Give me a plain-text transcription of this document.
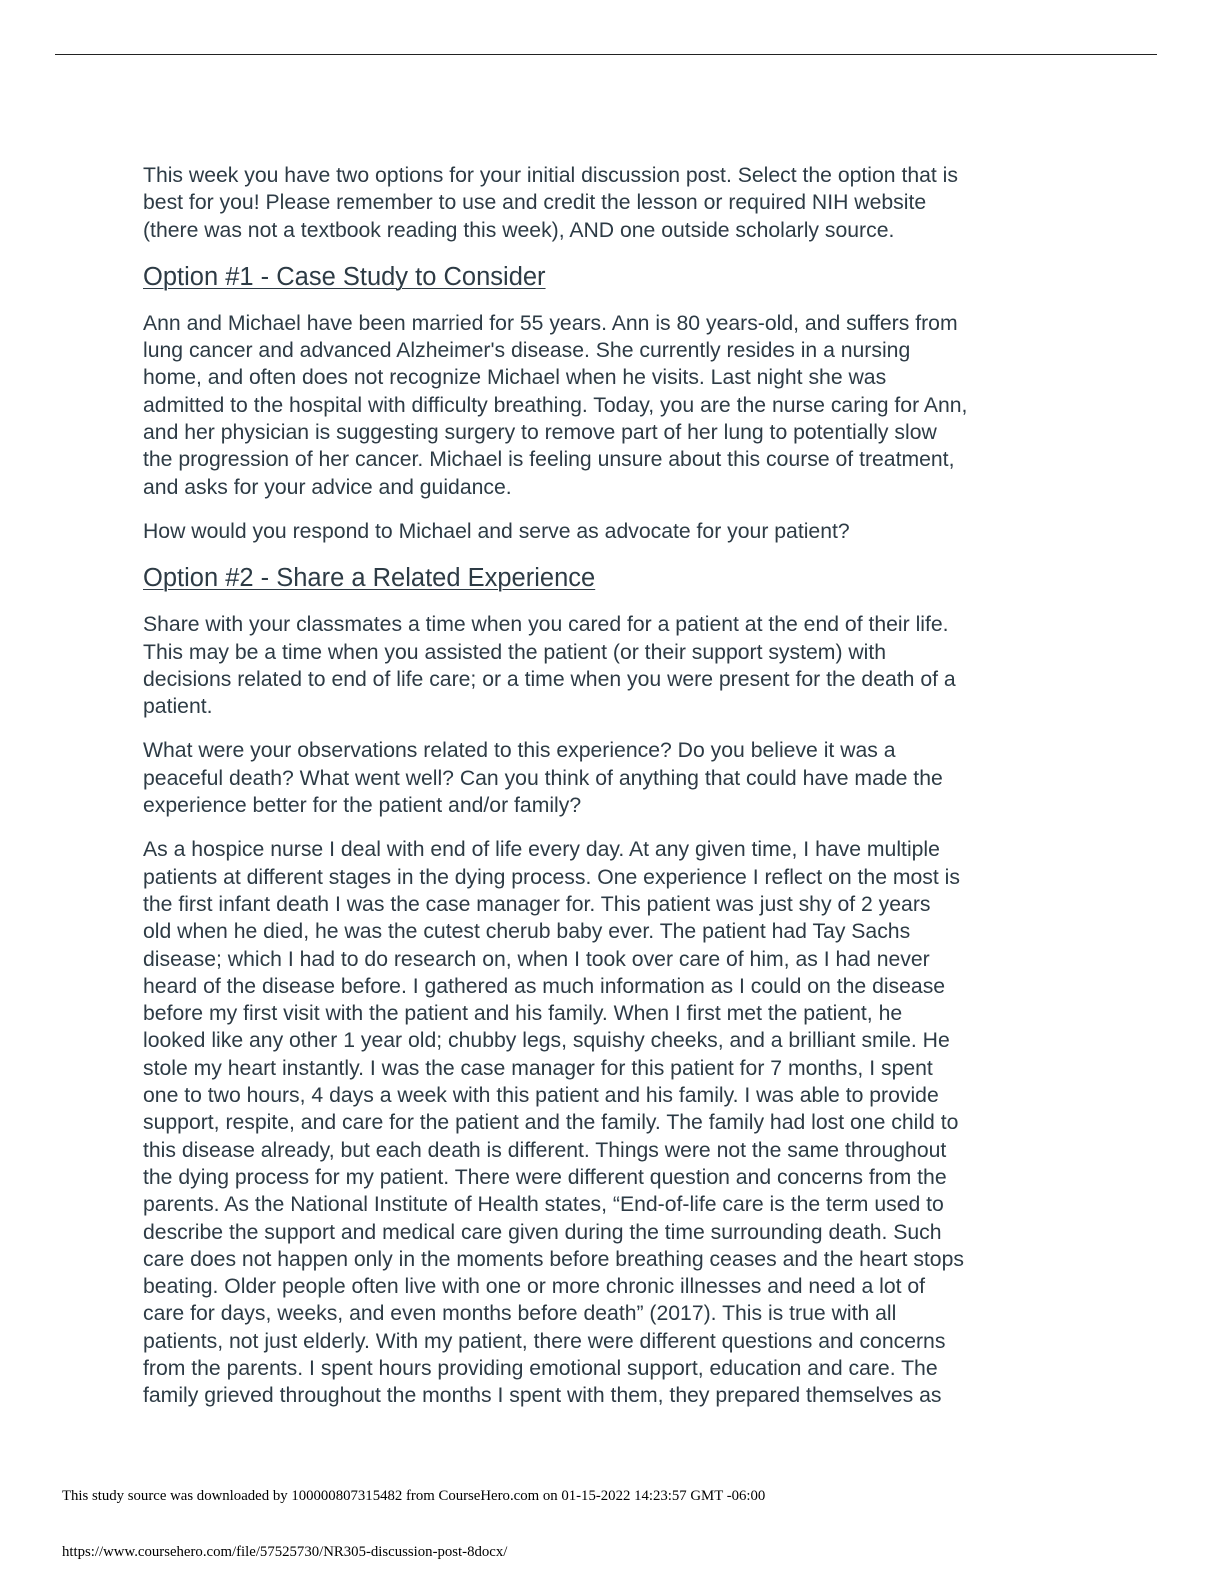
This week you have two options for your initial discussion post. Select the option that is
best for you! Please remember to use and credit the lesson or required NIH website
(there was not a textbook reading this week), AND one outside scholarly source.

Option #1 - Case Study to Consider

Ann and Michael have been married for 55 years. Ann is 80 years-old, and suffers from
lung cancer and advanced Alzheimer's disease. She currently resides in a nursing
home, and often does not recognize Michael when he visits. Last night she was
admitted to the hospital with difficulty breathing. Today, you are the nurse caring for Ann,
and her physician is suggesting surgery to remove part of her lung to potentially slow
the progression of her cancer. Michael is feeling unsure about this course of treatment,
and asks for your advice and guidance.

How would you respond to Michael and serve as advocate for your patient?

Option #2 - Share a Related Experience

Share with your classmates a time when you cared for a patient at the end of their life.
This may be a time when you assisted the patient (or their support system) with
decisions related to end of life care; or a time when you were present for the death of a
patient.

What were your observations related to this experience? Do you believe it was a
peaceful death? What went well? Can you think of anything that could have made the
experience better for the patient and/or family?

As a hospice nurse I deal with end of life every day. At any given time, I have multiple
patients at different stages in the dying process. One experience I reflect on the most is
the first infant death I was the case manager for. This patient was just shy of 2 years
old when he died, he was the cutest cherub baby ever. The patient had Tay Sachs
disease; which I had to do research on, when I took over care of him, as I had never
heard of the disease before. I gathered as much information as I could on the disease
before my first visit with the patient and his family. When I first met the patient, he
looked like any other 1 year old; chubby legs, squishy cheeks, and a brilliant smile. He
stole my heart instantly. I was the case manager for this patient for 7 months, I spent
one to two hours, 4 days a week with this patient and his family. I was able to provide
support, respite, and care for the patient and the family. The family had lost one child to
this disease already, but each death is different. Things were not the same throughout
the dying process for my patient. There were different question and concerns from the
parents. As the National Institute of Health states, “End-of-life care is the term used to
describe the support and medical care given during the time surrounding death. Such
care does not happen only in the moments before breathing ceases and the heart stops
beating. Older people often live with one or more chronic illnesses and need a lot of
care for days, weeks, and even months before death” (2017). This is true with all
patients, not just elderly. With my patient, there were different questions and concerns
from the parents. I spent hours providing emotional support, education and care. The
family grieved throughout the months I spent with them, they prepared themselves as

This study source was downloaded by 100000807315482 from CourseHero.com on 01-15-2022 14:23:57 GMT -06:00
https://www.coursehero.com/file/57525730/NR305-discussion-post-8docx/
